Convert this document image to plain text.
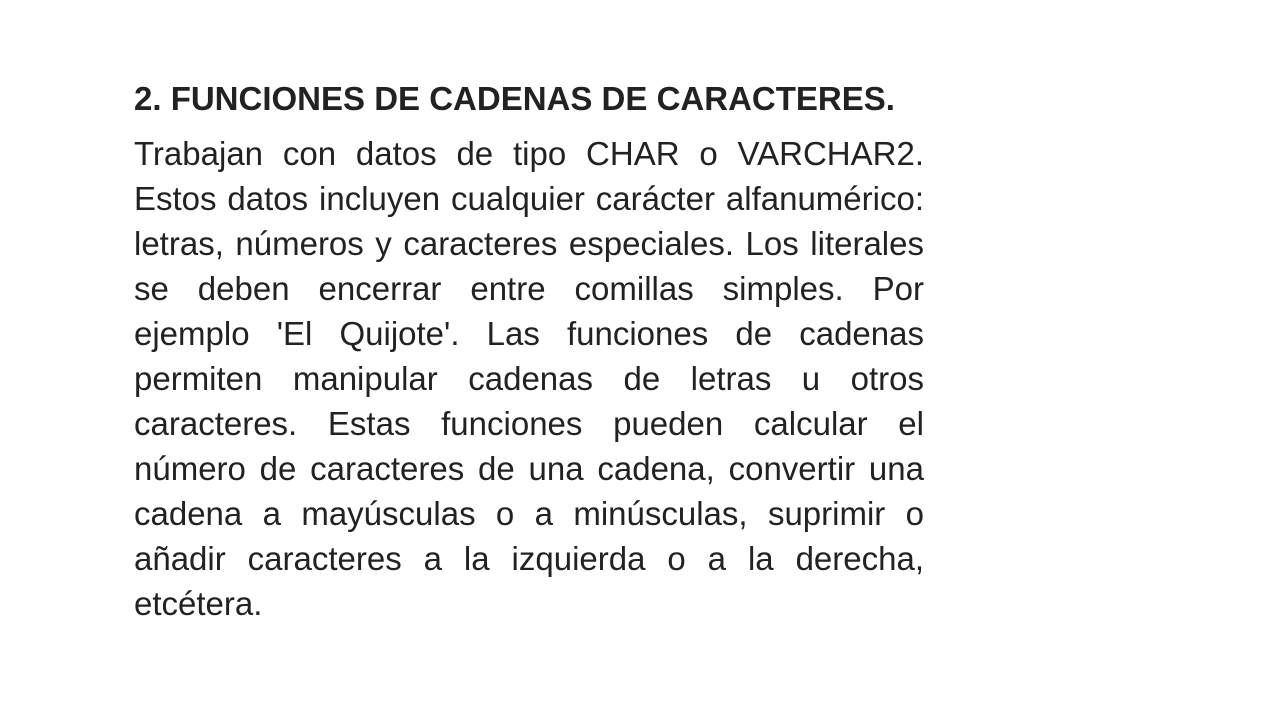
2. FUNCIONES DE CADENAS DE CARACTERES.

Trabajan con datos de tipo CHAR o VARCHAR2. Estos datos incluyen cualquier carácter alfanumérico: letras, números y caracteres especiales. Los literales se deben encerrar entre comillas simples. Por ejemplo 'El Quijote'. Las funciones de cadenas permiten manipular cadenas de letras u otros caracteres. Estas funciones pueden calcular el número de caracteres de una cadena, convertir una cadena a mayúsculas o a minúsculas, suprimir o añadir caracteres a la izquierda o a la derecha, etcétera.
